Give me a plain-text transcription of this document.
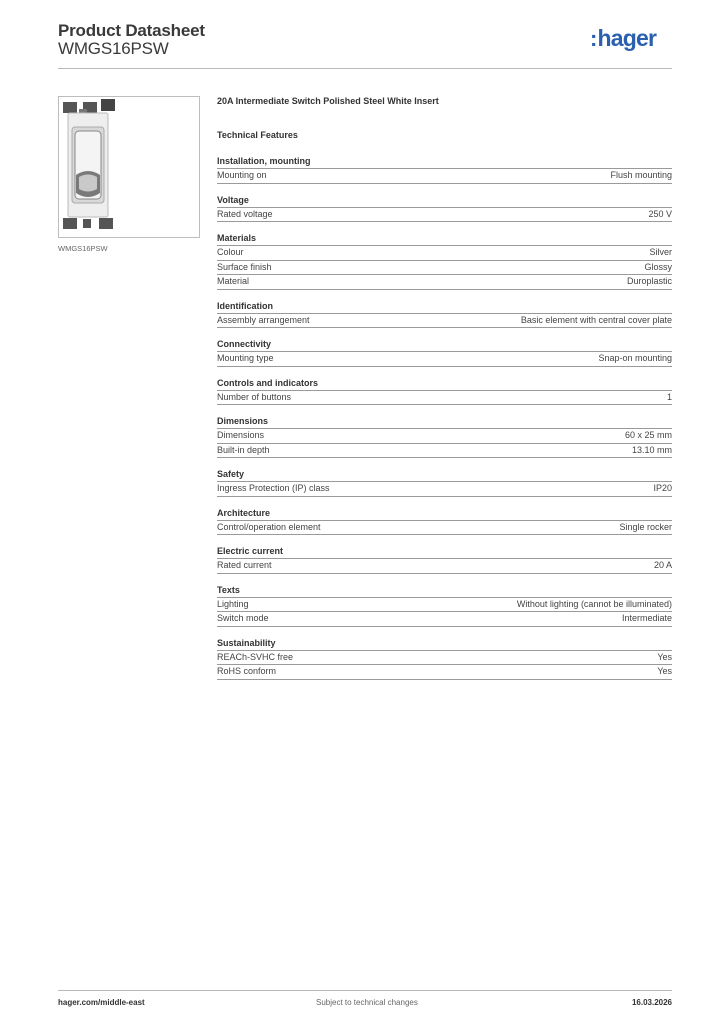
Product Datasheet
WMGS16PSW	:hager
WMGS16PSW
20A Intermediate Switch Polished Steel White Insert
Technical Features
Installation, mounting
Mounting on	Flush mounting
Voltage
Rated voltage	250 V
Materials
Colour	Silver
Surface finish	Glossy
Material	Duroplastic
Identification
Assembly arrangement	Basic element with central cover plate
Connectivity
Mounting type	Snap-on mounting
Controls and indicators
Number of buttons	1
Dimensions
Dimensions	60 x 25 mm
Built-in depth	13.10 mm
Safety
Ingress Protection (IP) class	IP20
Architecture
Control/operation element	Single rocker
Electric current
Rated current	20 A
Texts
Lighting	Without lighting (cannot be illuminated)
Switch mode	Intermediate
Sustainability
REACh-SVHC free	Yes
RoHS conform	Yes
hager.com/middle-east	Subject to technical changes	16.03.2026
